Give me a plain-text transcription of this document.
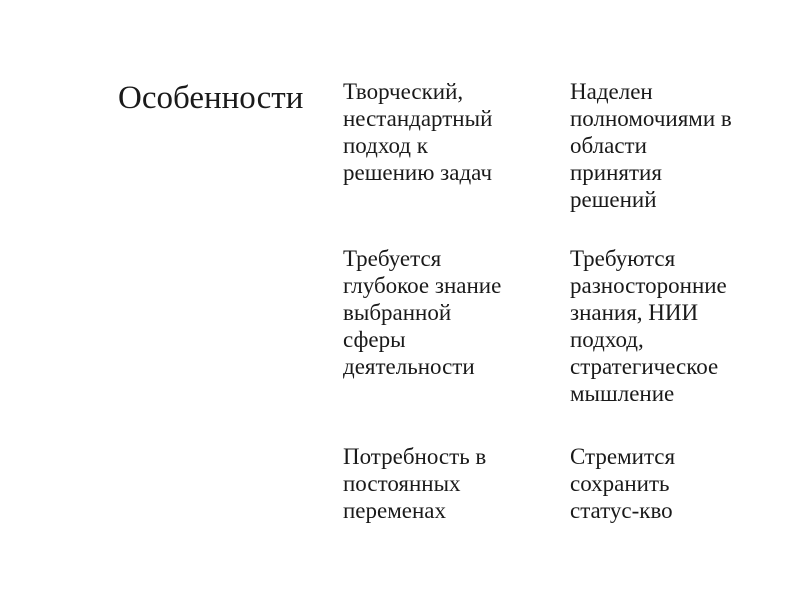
Особенности Творческий,
нестандартный
подход к
решению задач
Наделен
полномочиями в
области
принятия
решений
Требуется
глубокое знание
выбранной
сферы
деятельности
Требуются
разносторонние
знания, НИИ
подход,
стратегическое
мышление
Потребность в
постоянных
переменах
Стремится
сохранить
статус-кво
